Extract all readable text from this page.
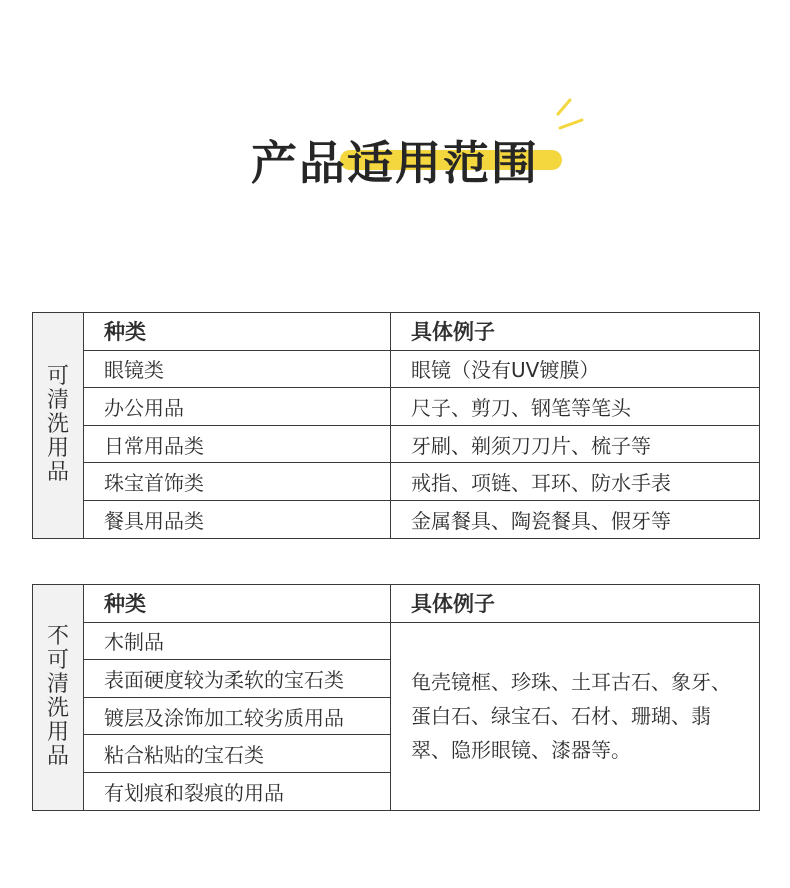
产品适用范围
可清洗用品	种类	具体例子
	眼镜类	眼镜（没有UV镀膜）
	办公用品	尺子、剪刀、钢笔等笔头
	日常用品类	牙刷、剃须刀刀片、梳子等
	珠宝首饰类	戒指、项链、耳环、防水手表
	餐具用品类	金属餐具、陶瓷餐具、假牙等
不可清洗用品	种类	具体例子
	木制品	龟壳镜框、珍珠、土耳古石、象牙、蛋白石、绿宝石、石材、珊瑚、翡翠、隐形眼镜、漆器等。
	表面硬度较为柔软的宝石类	
	镀层及涂饰加工较劣质用品	
	粘合粘贴的宝石类	
	有划痕和裂痕的用品	
